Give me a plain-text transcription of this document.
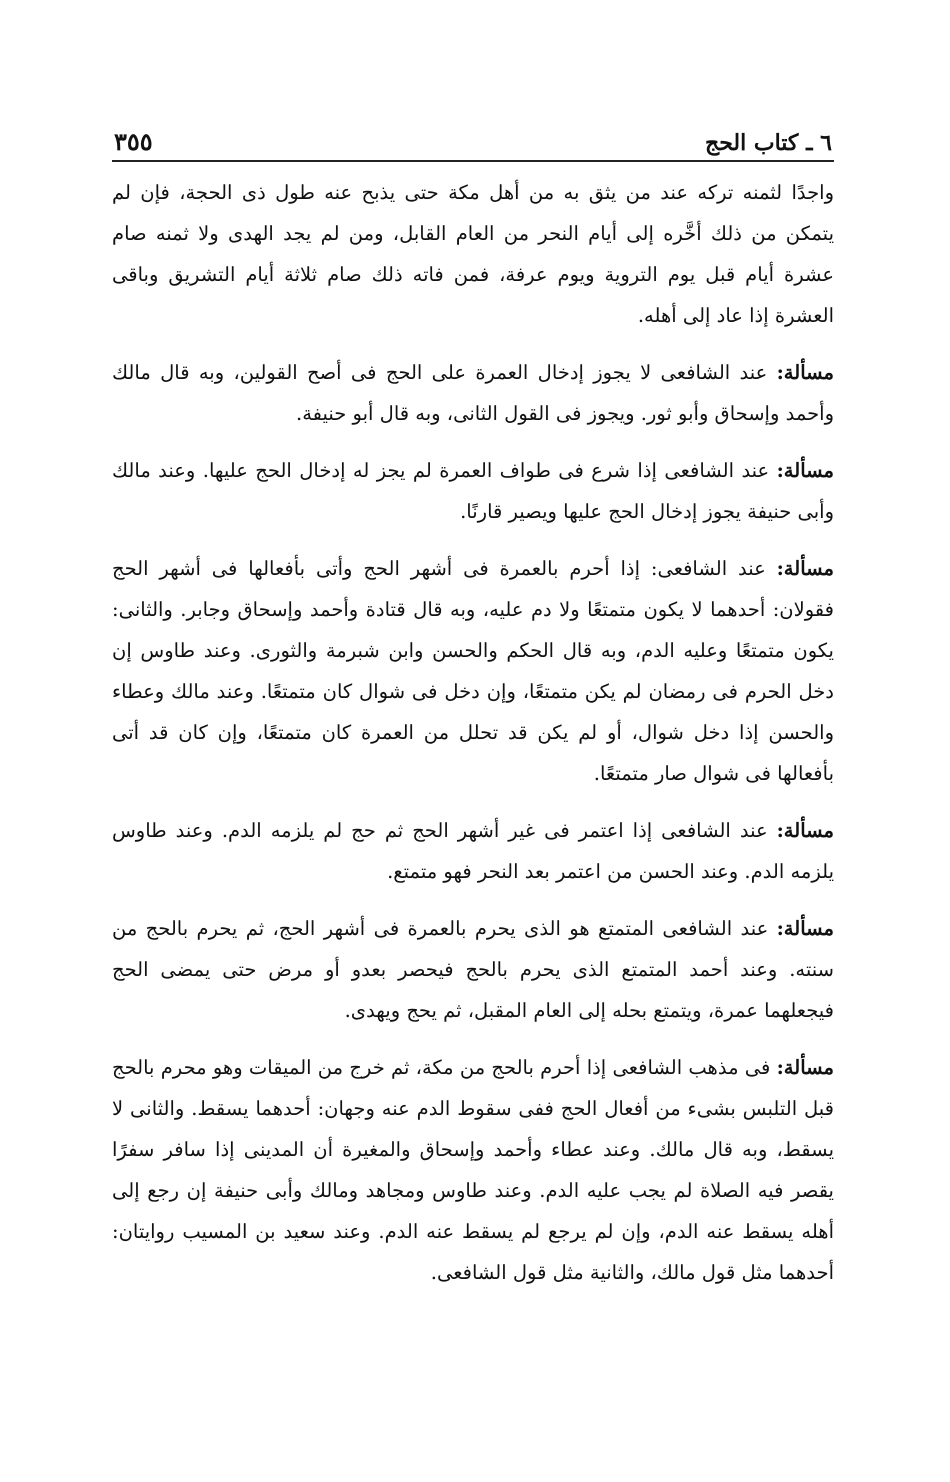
٦ ـ كتاب الحج
٣٥٥

واجدًا لثمنه تركه عند من يثق به من أهل مكة حتى يذبح عنه طول ذى الحجة، فإن لم يتمكن من ذلك أخَّره إلى أيام النحر من العام القابل، ومن لم يجد الهدى ولا ثمنه صام عشرة أيام قبل يوم التروية ويوم عرفة، فمن فاته ذلك صام ثلاثة أيام التشريق وباقى العشرة إذا عاد إلى أهله.

مسألة: عند الشافعى لا يجوز إدخال العمرة على الحج فى أصح القولين، وبه قال مالك وأحمد وإسحاق وأبو ثور. ويجوز فى القول الثانى، وبه قال أبو حنيفة.

مسألة: عند الشافعى إذا شرع فى طواف العمرة لم يجز له إدخال الحج عليها. وعند مالك وأبى حنيفة يجوز إدخال الحج عليها ويصير قارنًا.

مسألة: عند الشافعى: إذا أحرم بالعمرة فى أشهر الحج وأتى بأفعالها فى أشهر الحج فقولان: أحدهما لا يكون متمتعًا ولا دم عليه، وبه قال قتادة وأحمد وإسحاق وجابر. والثانى: يكون متمتعًا وعليه الدم، وبه قال الحكم والحسن وابن شبرمة والثورى. وعند طاوس إن دخل الحرم فى رمضان لم يكن متمتعًا، وإن دخل فى شوال كان متمتعًا. وعند مالك وعطاء والحسن إذا دخل شوال، أو لم يكن قد تحلل من العمرة كان متمتعًا، وإن كان قد أتى بأفعالها فى شوال صار متمتعًا.

مسألة: عند الشافعى إذا اعتمر فى غير أشهر الحج ثم حج لم يلزمه الدم. وعند طاوس يلزمه الدم. وعند الحسن من اعتمر بعد النحر فهو متمتع.

مسألة: عند الشافعى المتمتع هو الذى يحرم بالعمرة فى أشهر الحج، ثم يحرم بالحج من سنته. وعند أحمد المتمتع الذى يحرم بالحج فيحصر بعدو أو مرض حتى يمضى الحج فيجعلهما عمرة، ويتمتع بحله إلى العام المقبل، ثم يحج ويهدى.

مسألة: فى مذهب الشافعى إذا أحرم بالحج من مكة، ثم خرج من الميقات وهو محرم بالحج قبل التلبس بشىء من أفعال الحج ففى سقوط الدم عنه وجهان: أحدهما يسقط. والثانى لا يسقط، وبه قال مالك. وعند عطاء وأحمد وإسحاق والمغيرة أن المدينى إذا سافر سفرًا يقصر فيه الصلاة لم يجب عليه الدم. وعند طاوس ومجاهد ومالك وأبى حنيفة إن رجع إلى أهله يسقط عنه الدم، وإن لم يرجع لم يسقط عنه الدم. وعند سعيد بن المسيب روايتان: أحدهما مثل قول مالك، والثانية مثل قول الشافعى.
